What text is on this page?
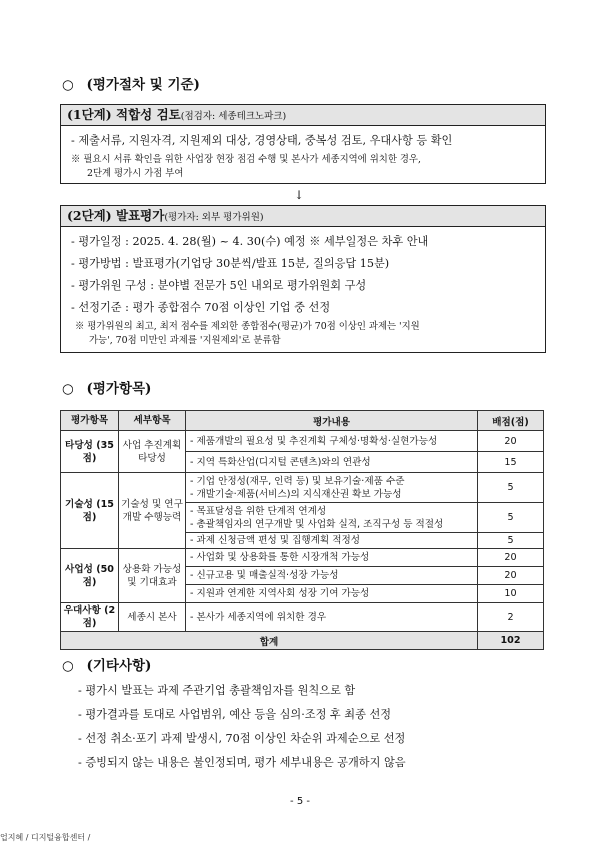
○ (평가절차 및 기준)
(1단계) 적합성 검토(점검자: 세종테크노파크)
- 제출서류, 지원자격, 지원제외 대상, 경영상태, 중복성 검토, 우대사항 등 확인
※ 필요시 서류 확인을 위한 사업장 현장 점검 수행 및 본사가 세종지역에 위치한 경우,
2단계 평가시 가점 부여
↓
(2단계) 발표평가(평가자: 외부 평가위원)
- 평가일정 : 2025. 4. 28(월) ~ 4. 30(수) 예정 ※ 세부일정은 차후 안내
- 평가방법 : 발표평가(기업당 30분씩/발표 15분, 질의응답 15분)
- 평가위원 구성 : 분야별 전문가 5인 내외로 평가위원회 구성
- 선정기준 : 평가 종합점수 70점 이상인 기업 중 선정
※ 평가위원의 최고, 최저 점수를 제외한 종합점수(평균)가 70점 이상인 과제는 '지원
가능', 70점 미만인 과제를 '지원제외'로 분류함
○ (평가항목)
평가항목	세부항목	평가내용	배점(점)
타당성 (35점)	사업 추진계획 타당성	- 제품개발의 필요성 및 추진계획 구체성·명확성·실현가능성	20
		- 지역 특화산업(디지털 콘텐츠)와의 연관성	15
기술성 (15점)	기술성 및 연구개발 수행능력	- 기업 안정성(재무, 인력 등) 및 보유기술·제품 수준
- 개발기술·제품(서비스)의 지식재산권 확보 가능성	5

		- 목표달성을 위한 단계적 연계성
- 총괄책임자의 연구개발 및 사업화 실적, 조직구성 등 적절성	5
		- 과제 신청금액 편성 및 집행계획 적정성	5
사업성 (50점)	상용화 가능성 및 기대효과	- 사업화 및 상용화를 통한 시장개척 가능성	20
		- 신규고용 및 매출실적·성장 가능성	20
		- 지원과 연계한 지역사회 성장 기여 가능성	10
우대사항 (2점)	세종시 본사	- 본사가 세종지역에 위치한 경우	2
합계			102
○ (기타사항)
- 평가시 발표는 과제 주관기업 총괄책임자를 원칙으로 함
- 평가결과를 토대로 사업범위, 예산 등을 심의·조정 후 최종 선정
- 선정 취소·포기 과제 발생시, 70점 이상인 차순위 과제순으로 선정
- 증빙되지 않는 내용은 불인정되며, 평가 세부내용은 공개하지 않음
- 5 -
업지혜 / 디지털융합센터 /
